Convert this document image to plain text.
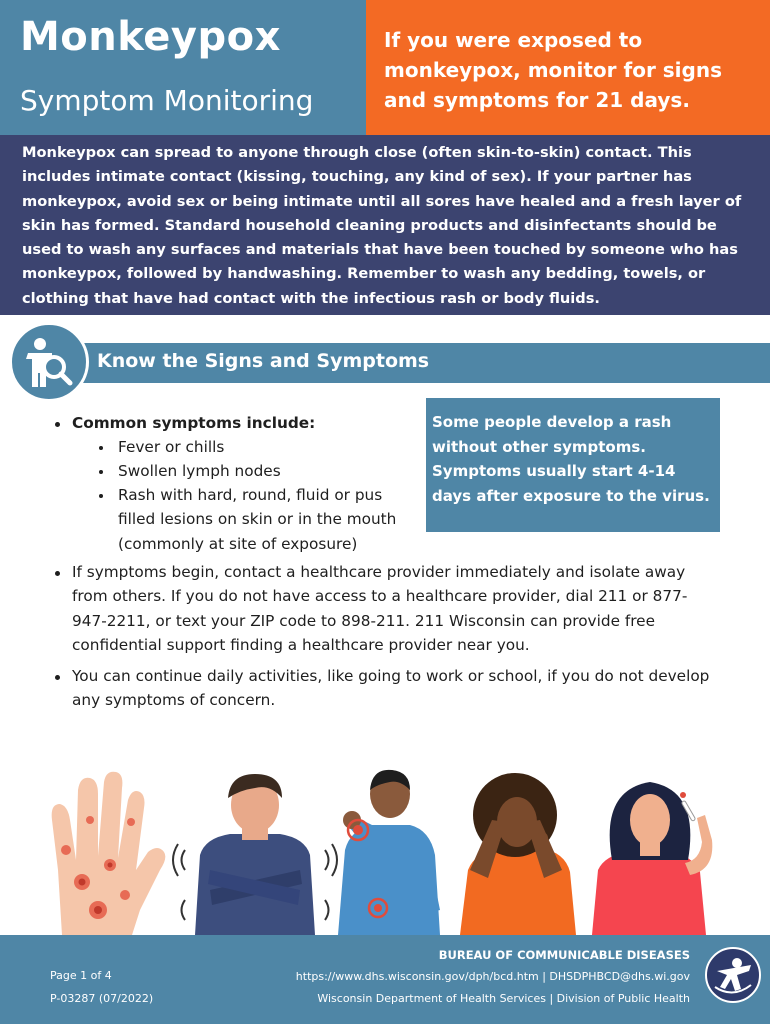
Monkeypox
Symptom Monitoring
If you were exposed to monkeypox, monitor for signs and symptoms for 21 days.
Monkeypox can spread to anyone through close (often skin-to-skin) contact. This includes intimate contact (kissing, touching, any kind of sex). If your partner has monkeypox, avoid sex or being intimate until all sores have healed and a fresh layer of skin has formed. Standard household cleaning products and disinfectants should be used to wash any surfaces and materials that have been touched by someone who has monkeypox, followed by handwashing. Remember to wash any bedding, towels, or clothing that have had contact with the infectious rash or body fluids.
Know the Signs and Symptoms
Common symptoms include:
Fever or chills
Swollen lymph nodes
Rash with hard, round, fluid or pus filled lesions on skin or in the mouth (commonly at site of exposure)
Some people develop a rash without other symptoms. Symptoms usually start 4-14 days after exposure to the virus.
If symptoms begin, contact a healthcare provider immediately and isolate away from others. If you do not have access to a healthcare provider, dial 211 or 877-947-2211, or text your ZIP code to 898-211. 211 Wisconsin can provide free confidential support finding a healthcare provider near you.
You can continue daily activities, like going to work or school, if you do not develop any symptoms of concern.
Page 1 of 4
P-03287 (07/2022)
BUREAU OF COMMUNICABLE DISEASES
https://www.dhs.wisconsin.gov/dph/bcd.htm | DHSDPHBCD@dhs.wi.gov
Wisconsin Department of Health Services | Division of Public Health
